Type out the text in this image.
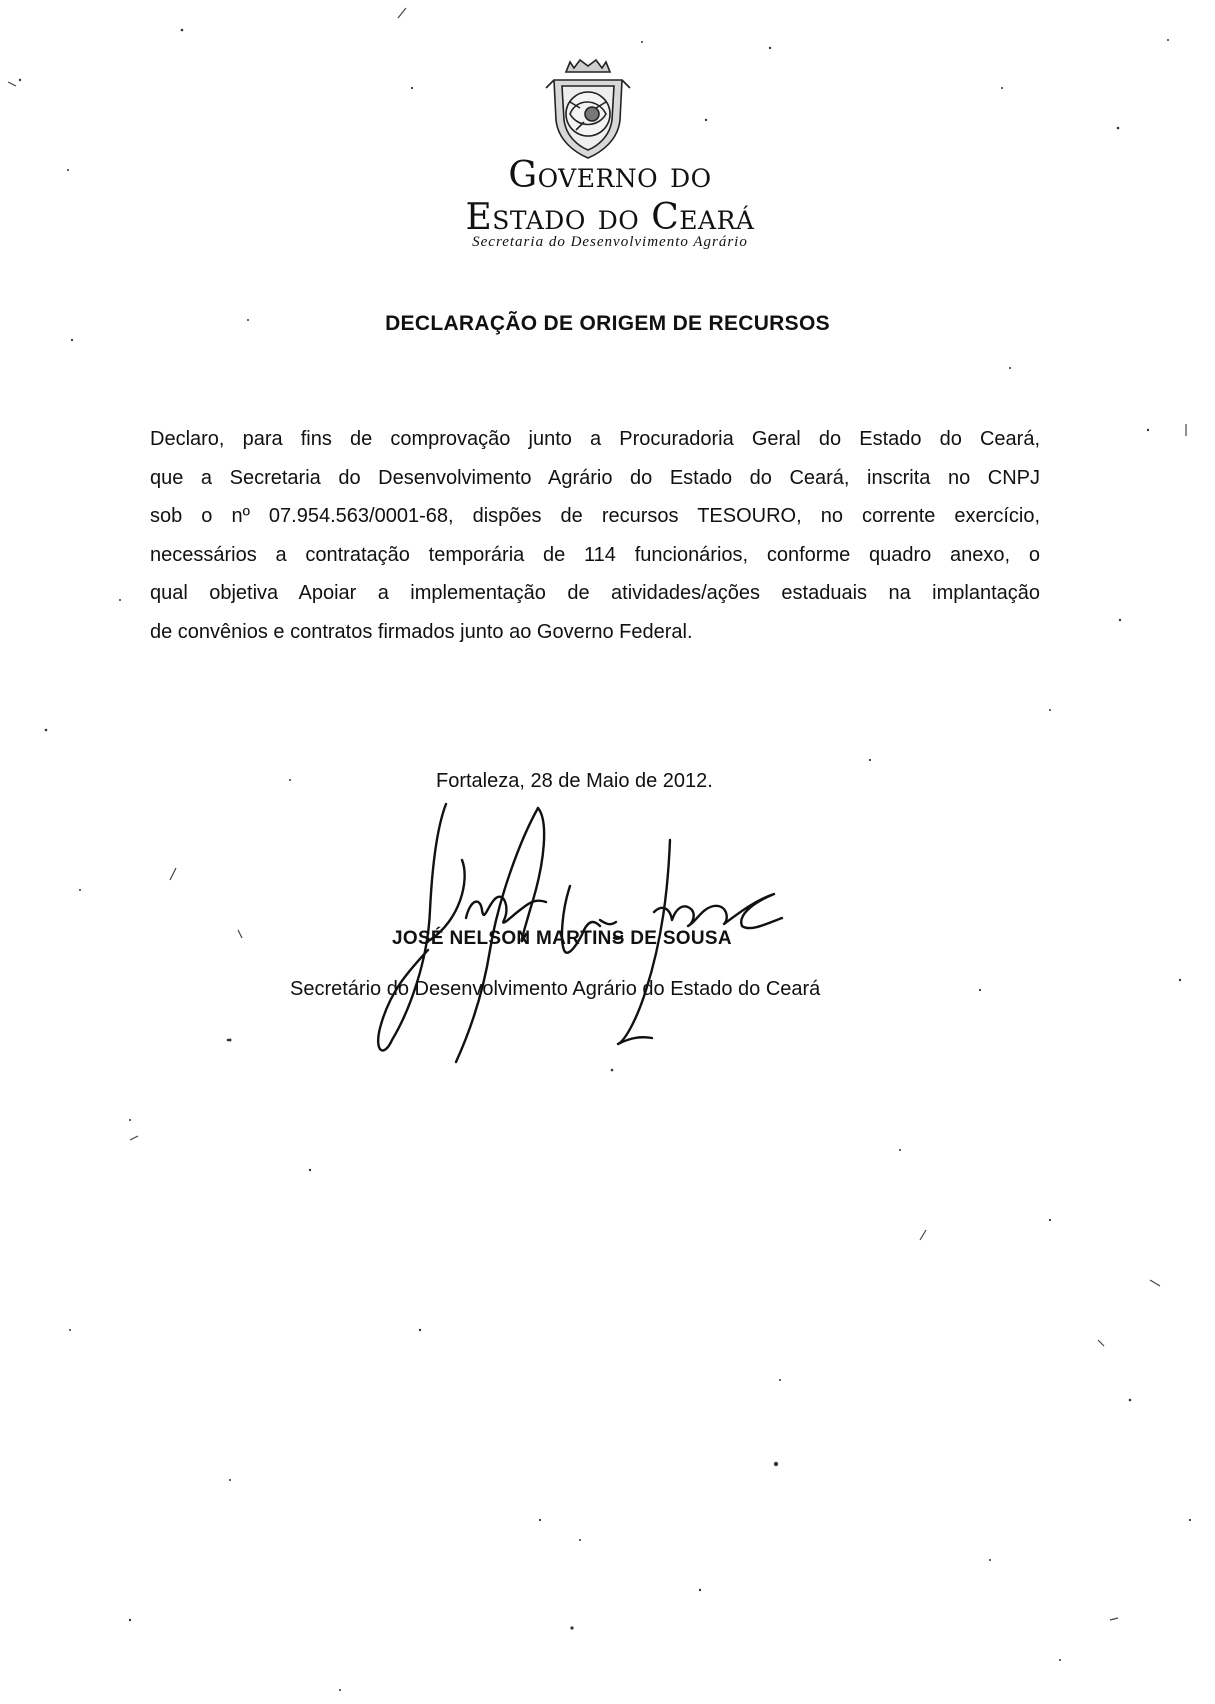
Governo do
Estado do Ceará
Secretaria do Desenvolvimento Agrário
DECLARAÇÃO DE ORIGEM DE RECURSOS
Declaro, para fins de comprovação junto a Procuradoria Geral do Estado do Ceará,
que a Secretaria do Desenvolvimento Agrário do Estado do Ceará, inscrita no CNPJ
sob o nº 07.954.563/0001-68, dispões de recursos TESOURO, no corrente exercício,
necessários a contratação temporária de 114 funcionários, conforme quadro anexo, o
qual objetiva Apoiar a implementação de atividades/ações estaduais na implantação
de convênios e contratos firmados junto ao Governo Federal.
Fortaleza, 28 de Maio de 2012.
JOSÉ NELSON MARTINS DE SOUSA
Secretário do Desenvolvimento Agrário do Estado do Ceará
